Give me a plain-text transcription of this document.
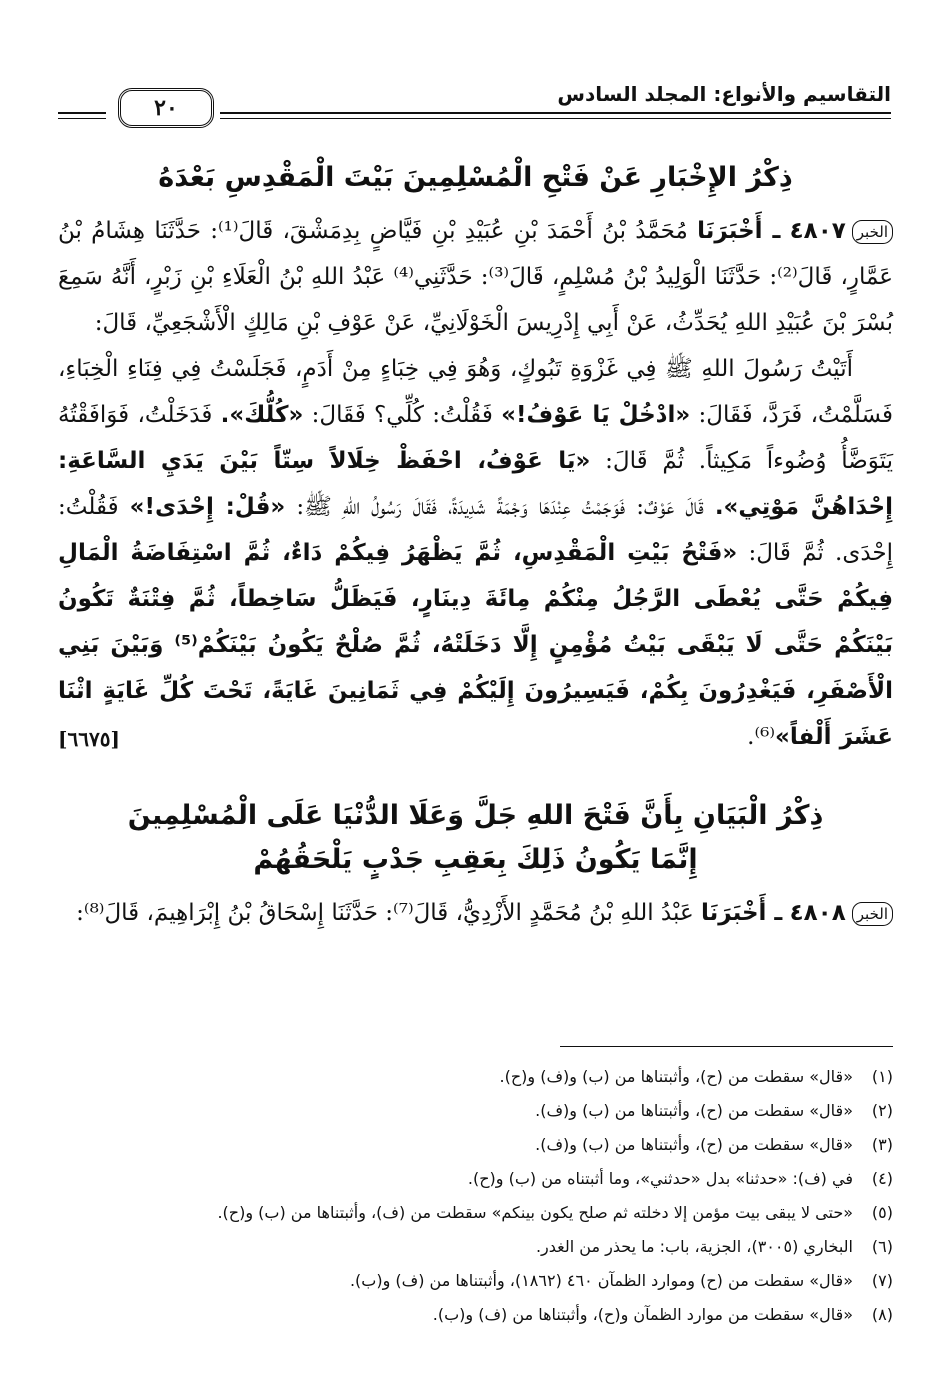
٢٠
التقاسيم والأنواع: المجلد السادس
ذِكْرُ الإِخْبَارِ عَنْ فَتْحِ الْمُسْلِمِينَ بَيْتَ الْمَقْدِسِ بَعْدَهُ

الخبر٤٨٠٧ ـ أَخْبَرَنَا مُحَمَّدُ بْنُ أَحْمَدَ بْنِ عُبَيْدِ بْنِ فَيَّاضٍ بِدِمَشْقَ، قَالَ⁽¹⁾: حَدَّثَنَا هِشَامُ بْنُ عَمَّارٍ، قَالَ⁽²⁾: حَدَّثَنَا الْوَلِيدُ بْنُ مُسْلِمٍ، قَالَ⁽³⁾: حَدَّثَنِي⁽⁴⁾ عَبْدُ اللهِ بْنُ الْعَلَاءِ بْنِ زَبْرٍ، أَنَّهُ سَمِعَ بُسْرَ بْنَ عُبَيْدِ اللهِ يُحَدِّثُ، عَنْ أَبِي إِدْرِيسَ الْخَوْلَانِيِّ، عَنْ عَوْفِ بْنِ مَالِكٍ الْأَشْجَعِيِّ، قَالَ:

أَتَيْتُ رَسُولَ اللهِ ﷺ فِي غَزْوَةِ تَبُوكٍ، وَهُوَ فِي خِبَاءٍ مِنْ أَدَمٍ، فَجَلَسْتُ فِي فِنَاءِ الْخِبَاءِ، فَسَلَّمْتُ، فَرَدَّ، فَقَالَ: «ادْخُلْ يَا عَوْفُ!» فَقُلْتُ: كُلِّي؟ فَقَالَ: «كُلُّكَ». فَدَخَلْتُ، فَوَافَقْتُهُ يَتَوَضَّأُ وُضُوءاً مَكِيثاً. ثُمَّ قَالَ: «يَا عَوْفُ، احْفَظْ خِلَالاً سِتّاً بَيْنَ يَدَيِ السَّاعَةِ: إِحْدَاهُنَّ مَوْتِي». قَالَ عَوْفٌ: فَوَجَمْتُ عِنْدَهَا وَجْمَةً شَدِيدَةً، فَقَالَ رَسُولُ اللهِ ﷺ: «قُلْ: إِحْدَى!» فَقُلْتُ: إِحْدَى. ثُمَّ قَالَ: «فَتْحُ بَيْتِ الْمَقْدِسِ، ثُمَّ يَظْهَرُ فِيكُمْ دَاءٌ، ثُمَّ اسْتِفَاضَةُ الْمَالِ فِيكُمْ حَتَّى يُعْطَى الرَّجُلُ مِنْكُمْ مِائَةَ دِينَارٍ، فَيَظَلُّ سَاخِطاً، ثُمَّ فِتْنَةٌ تَكُونُ بَيْنَكُمْ حَتَّى لَا يَبْقَى بَيْتُ مُؤْمِنٍ إِلَّا دَخَلَتْهُ، ثُمَّ صُلْحٌ يَكُونُ بَيْنَكُمْ⁽⁵⁾ وَبَيْنَ بَنِي الْأَصْفَرِ، فَيَغْدِرُونَ بِكُمْ، فَيَسِيرُونَ إِلَيْكُمْ فِي ثَمَانِينَ غَايَةً، تَحْتَ كُلِّ غَايَةٍ اثْنَا عَشَرَ أَلْفاً»⁽⁶⁾.
[٦٦٧٥]

ذِكْرُ الْبَيَانِ بِأَنَّ فَتْحَ اللهِ جَلَّ وَعَلَا الدُّنْيَا عَلَى الْمُسْلِمِينَ
إِنَّمَا يَكُونُ ذَلِكَ بِعَقِبِ جَدْبٍ يَلْحَقُهُمْ

الخبر٤٨٠٨ ـ أَخْبَرَنَا عَبْدُ اللهِ بْنُ مُحَمَّدٍ الأَزْدِيُّ، قَالَ⁽⁷⁾: حَدَّثَنَا إِسْحَاقُ بْنُ إِبْرَاهِيمَ، قَالَ⁽⁸⁾:

(١)«قال» سقطت من (ح)، وأثبتناها من (ب) و(ف) و(ح).
(٢)«قال» سقطت من (ح)، وأثبتناها من (ب) و(ف).
(٣)«قال» سقطت من (ح)، وأثبتناها من (ب) و(ف).
(٤)في (ف): «حدثنا» بدل «حدثني»، وما أثبتناه من (ب) و(ح).
(٥)«حتى لا يبقى بيت مؤمن إلا دخلته ثم صلح يكون بينكم» سقطت من (ف)، وأثبتناها من (ب) و(ح).
(٦)البخاري (٣٠٠٥)، الجزية، باب: ما يحذر من الغدر.
(٧)«قال» سقطت من (ح) وموارد الظمآن ٤٦٠ (١٨٦٢)، وأثبتناها من (ف) و(ب).
(٨)«قال» سقطت من موارد الظمآن و(ح)، وأثبتناها من (ف) و(ب).
